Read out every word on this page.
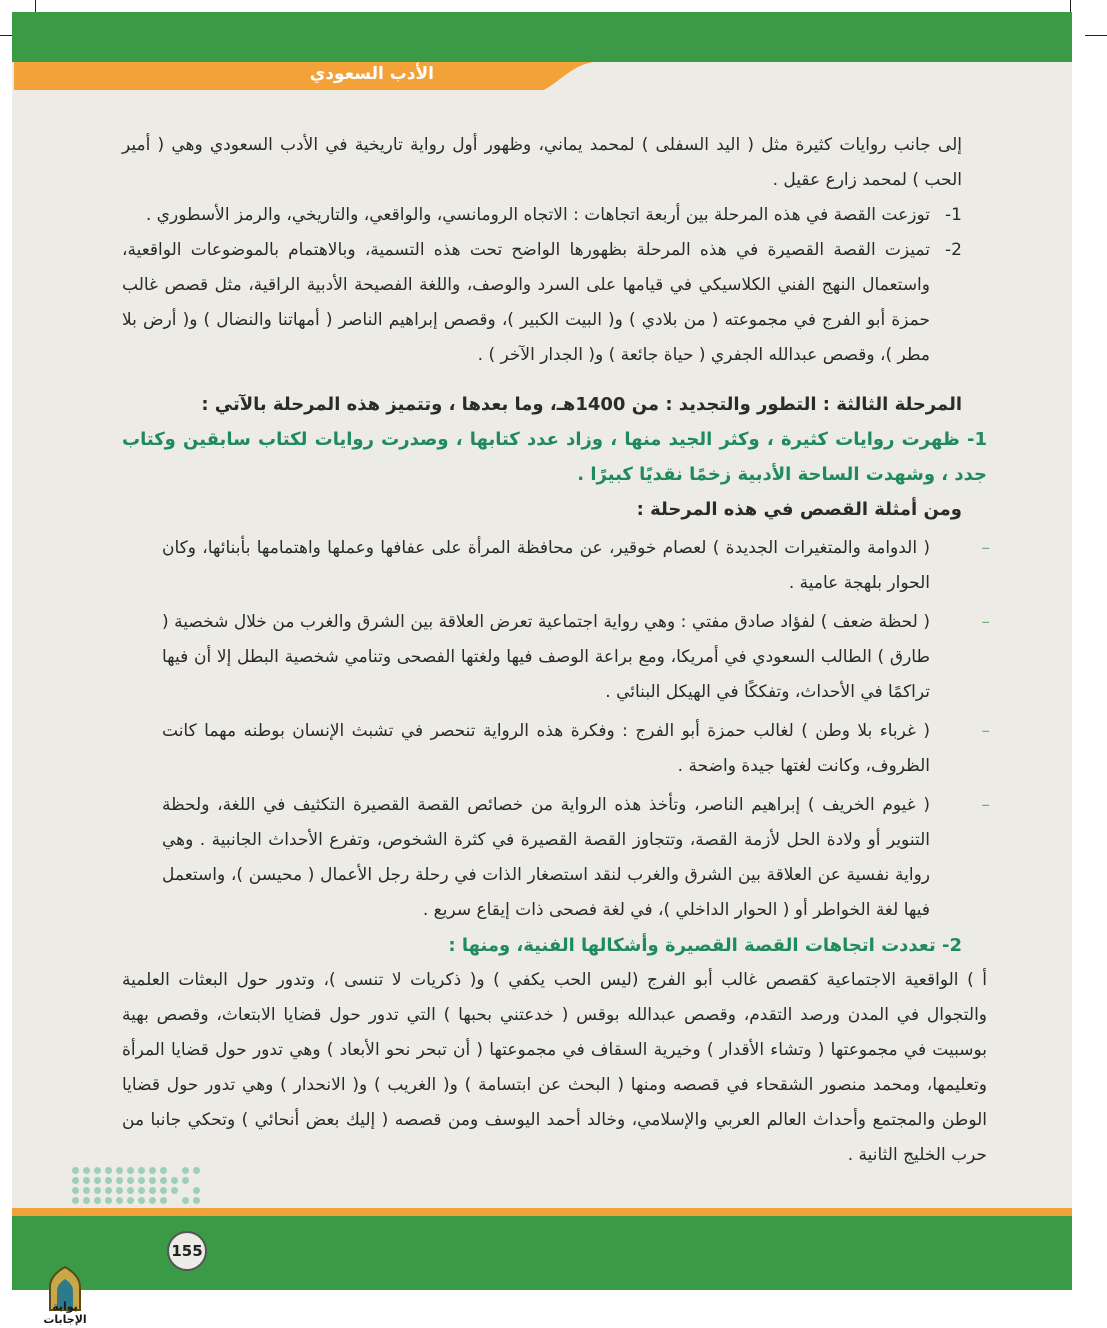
الأدب السعودي

إلى جانب روايات كثيرة مثل ( اليد السفلى ) لمحمد يماني، وظهور أول رواية تاريخية في الأدب السعودي وهي ( أمير الحب ) لمحمد زارع عقيل .

1-
توزعت القصة في هذه المرحلة بين أربعة اتجاهات : الاتجاه الرومانسي، والواقعي، والتاريخي، والرمز الأسطوري .
2-
تميزت القصة القصيرة في هذه المرحلة بظهورها الواضح تحت هذه التسمية، وبالاهتمام بالموضوعات الواقعية، واستعمال النهج الفني الكلاسيكي في قيامها على السرد والوصف، واللغة الفصيحة الأدبية الراقية، مثل قصص غالب حمزة أبو الفرج في مجموعته ( من بلادي ) و( البيت الكبير )، وقصص إبراهيم الناصر ( أمهاتنا والنضال ) و( أرض بلا مطر )، وقصص عبدالله الجفري ( حياة جائعة ) و( الجدار الآخر ) .

المرحلة الثالثة : التطور والتجديد : من 1400هـ، وما بعدها ، وتتميز هذه المرحلة بالآتي :

1- ظهرت روايات كثيرة ، وكثر الجيد منها ، وزاد عدد كتابها ، وصدرت روايات لكتاب سابقين وكتاب جدد ، وشهدت الساحة الأدبية زخمًا نقديًا كبيرًا .

ومن أمثلة القصص في هذه المرحلة :

–
( الدوامة والمتغيرات الجديدة ) لعصام خوقير، عن محافظة المرأة على عفافها وعملها واهتمامها بأبنائها، وكان الحوار بلهجة عامية .
–
( لحظة ضعف ) لفؤاد صادق مفتي : وهي رواية اجتماعية تعرض العلاقة بين الشرق والغرب من خلال شخصية ( طارق ) الطالب السعودي في أمريكا، ومع براعة الوصف فيها ولغتها الفصحى وتنامي شخصية البطل إلا أن فيها تراكمًا في الأحداث، وتفككًا في الهيكل البنائي .
–
( غرباء بلا وطن ) لغالب حمزة أبو الفرج : وفكرة هذه الرواية تنحصر في تشبث الإنسان بوطنه مهما كانت الظروف، وكانت لغتها جيدة واضحة .
–
( غيوم الخريف ) إبراهيم الناصر، وتأخذ هذه الرواية من خصائص القصة القصيرة التكثيف في اللغة، ولحظة التنوير أو ولادة الحل لأزمة القصة، وتتجاوز القصة القصيرة في كثرة الشخوص، وتفرع الأحداث الجانبية . وهي رواية نفسية عن العلاقة بين الشرق والغرب لنقد استصغار الذات في رحلة رجل الأعمال ( محيسن )، واستعمل فيها لغة الخواطر أو ( الحوار الداخلي )، في لغة فصحى ذات إيقاع سريع .

2- تعددت اتجاهات القصة القصيرة وأشكالها الفنية، ومنها :

أ ) الواقعية الاجتماعية كقصص غالب أبو الفرج (ليس الحب يكفي ) و( ذكريات لا تنسى )، وتدور حول البعثات العلمية والتجوال في المدن ورصد التقدم، وقصص عبدالله بوقس ( خدعتني بحبها ) التي تدور حول قضايا الابتعاث، وقصص بهية بوسبيت في مجموعتها ( وتشاء الأقدار ) وخيرية السقاف في مجموعتها ( أن تبحر نحو الأبعاد ) وهي تدور حول قضايا المرأة وتعليمها، ومحمد منصور الشقحاء في قصصه ومنها ( البحث عن ابتسامة ) و( الغريب ) و( الانحدار ) وهي تدور حول قضايا الوطن والمجتمع وأحداث العالم العربي والإسلامي، وخالد أحمد اليوسف ومن قصصه ( إليك بعض أنحائي ) وتحكي جانبا من حرب الخليج الثانية .

155
بوابة الإجابات
